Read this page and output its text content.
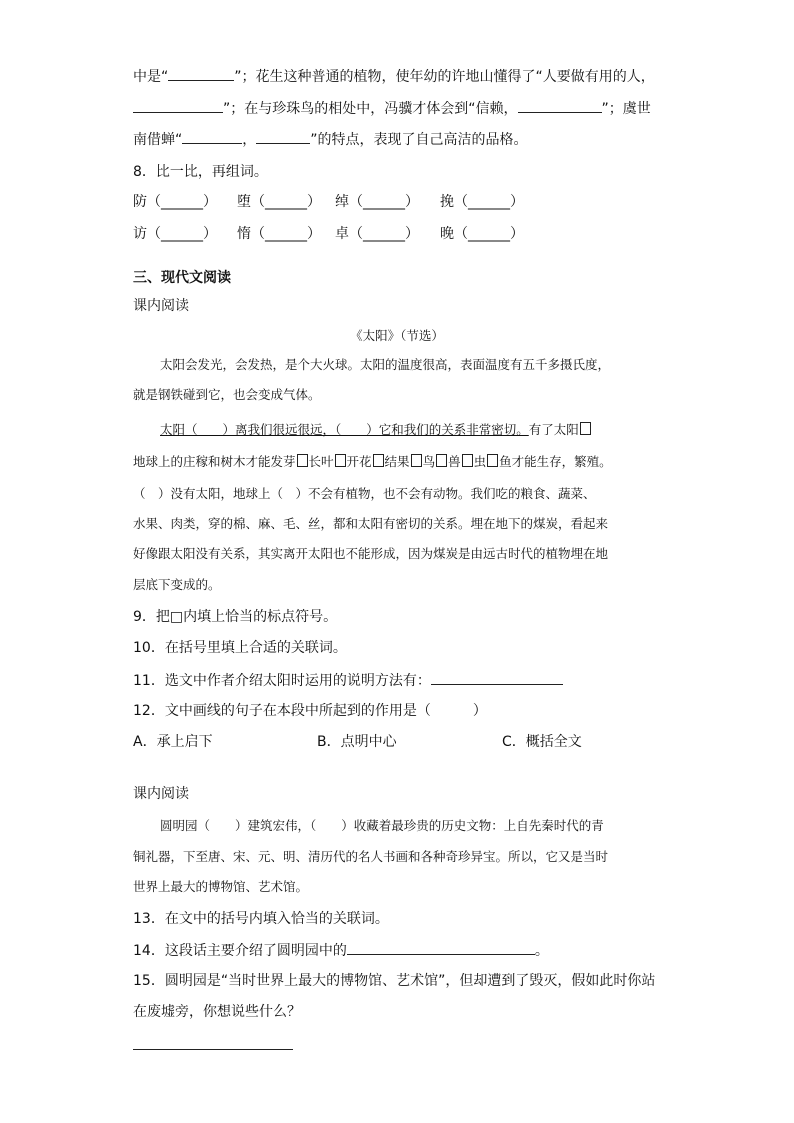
中是“	”；花生这种普通的植物，使年幼的许地山懂得了“人要做有用的人，
”；在与珍珠鸟的相处中，冯骥才体会到“信赖，	”；虞世
南借蝉“	，	”的特点，表现了自己高洁的品格。
8．比一比，再组词。
防（______） 堕（______） 绰（______） 挽（______）
访（______） 惰（______） 卓（______） 晚（______）
三、现代文阅读
课内阅读
《太阳》（节选）
太阳会发光，会发热，是个大火球。太阳的温度很高，表面温度有五千多摄氏度，
就是钢铁碰到它，也会变成气体。
太阳（　　）离我们很远很远，（　　）它和我们的关系非常密切。有了太阳
地球上的庄稼和树木才能发芽 长叶 开花 结果 鸟 兽 虫 鱼才能生存，繁殖。
（　）没有太阳，地球上（　）不会有植物，也不会有动物。我们吃的粮食、蔬菜、
水果、肉类，穿的棉、麻、毛、丝，都和太阳有密切的关系。埋在地下的煤炭，看起来
好像跟太阳没有关系，其实离开太阳也不能形成，因为煤炭是由远古时代的植物埋在地
层底下变成的。
9．把□内填上恰当的标点符号。
10．在括号里填上合适的关联词。
11．选文中作者介绍太阳时运用的说明方法有：
12．文中画线的句子在本段中所起到的作用是（　　　）
A．承上启下	B．点明中心	C．概括全文
课内阅读
圆明园（　　）建筑宏伟，（　　）收藏着最珍贵的历史文物：上自先秦时代的青
铜礼器，下至唐、宋、元、明、清历代的名人书画和各种奇珍异宝。所以，它又是当时
世界上最大的博物馆、艺术馆。
13．在文中的括号内填入恰当的关联词。
14．这段话主要介绍了圆明园中的	。
15．圆明园是“当时世界上最大的博物馆、艺术馆”，但却遭到了毁灭，假如此时你站
在废墟旁，你想说些什么？
